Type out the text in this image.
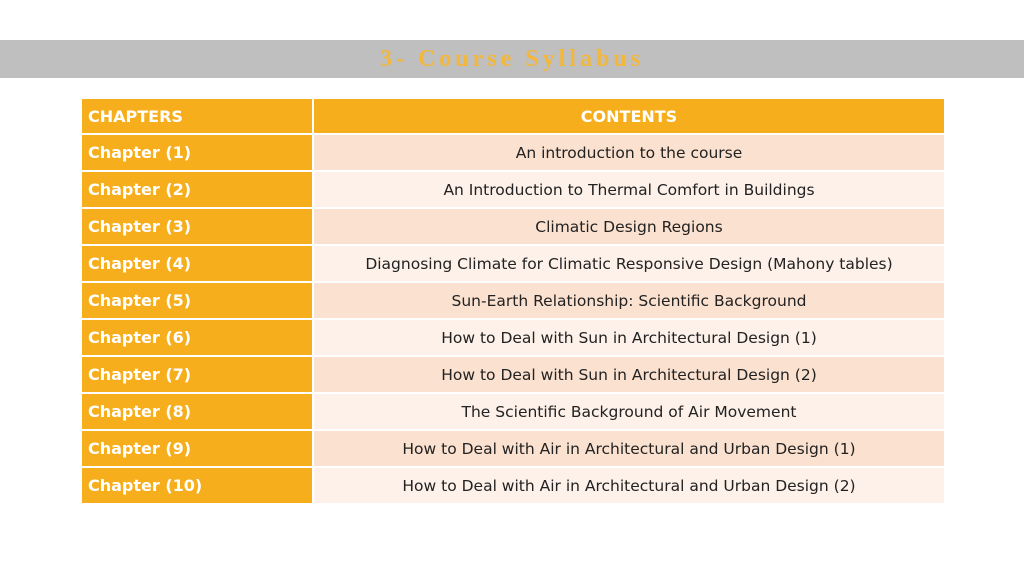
3- Course Syllabus
CHAPTERS	CONTENTS
Chapter (1)	An introduction to the course
Chapter (2)	An Introduction to Thermal Comfort in Buildings
Chapter (3)	Climatic Design Regions
Chapter (4)	Diagnosing Climate for Climatic Responsive Design (Mahony tables)
Chapter (5)	Sun-Earth Relationship: Scientific Background
Chapter (6)	How to Deal with Sun in Architectural Design (1)
Chapter (7)	How to Deal with Sun in Architectural Design (2)
Chapter (8)	The Scientific Background of Air Movement
Chapter (9)	How to Deal with Air in Architectural and Urban Design (1)
Chapter (10)	How to Deal with Air in Architectural and Urban Design (2)
